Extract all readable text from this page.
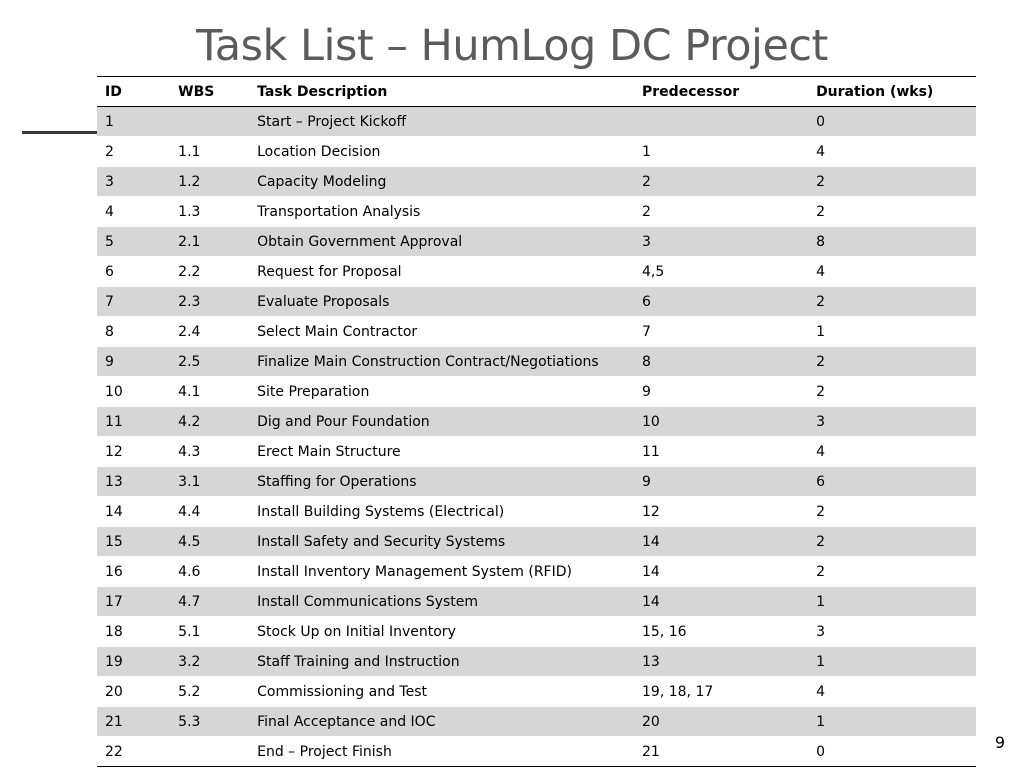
Task List – HumLog DC Project
ID	WBS	Task Description	Predecessor	Duration (wks)
1		Start – Project Kickoff		0
2	1.1	Location Decision	1	4
3	1.2	Capacity Modeling	2	2
4	1.3	Transportation Analysis	2	2
5	2.1	Obtain Government Approval	3	8
6	2.2	Request for Proposal	4,5	4
7	2.3	Evaluate Proposals	6	2
8	2.4	Select Main Contractor	7	1
9	2.5	Finalize Main Construction Contract/Negotiations	8	2
10	4.1	Site Preparation	9	2
11	4.2	Dig and Pour Foundation	10	3
12	4.3	Erect Main Structure	11	4
13	3.1	Staffing for Operations	9	6
14	4.4	Install Building Systems (Electrical)	12	2
15	4.5	Install Safety and Security Systems	14	2
16	4.6	Install Inventory Management System (RFID)	14	2
17	4.7	Install Communications System	14	1
18	5.1	Stock Up on Initial Inventory	15, 16	3
19	3.2	Staff Training and Instruction	13	1
20	5.2	Commissioning and Test	19, 18, 17	4
21	5.3	Final Acceptance and IOC	20	1
22		End – Project Finish	21	0	9
